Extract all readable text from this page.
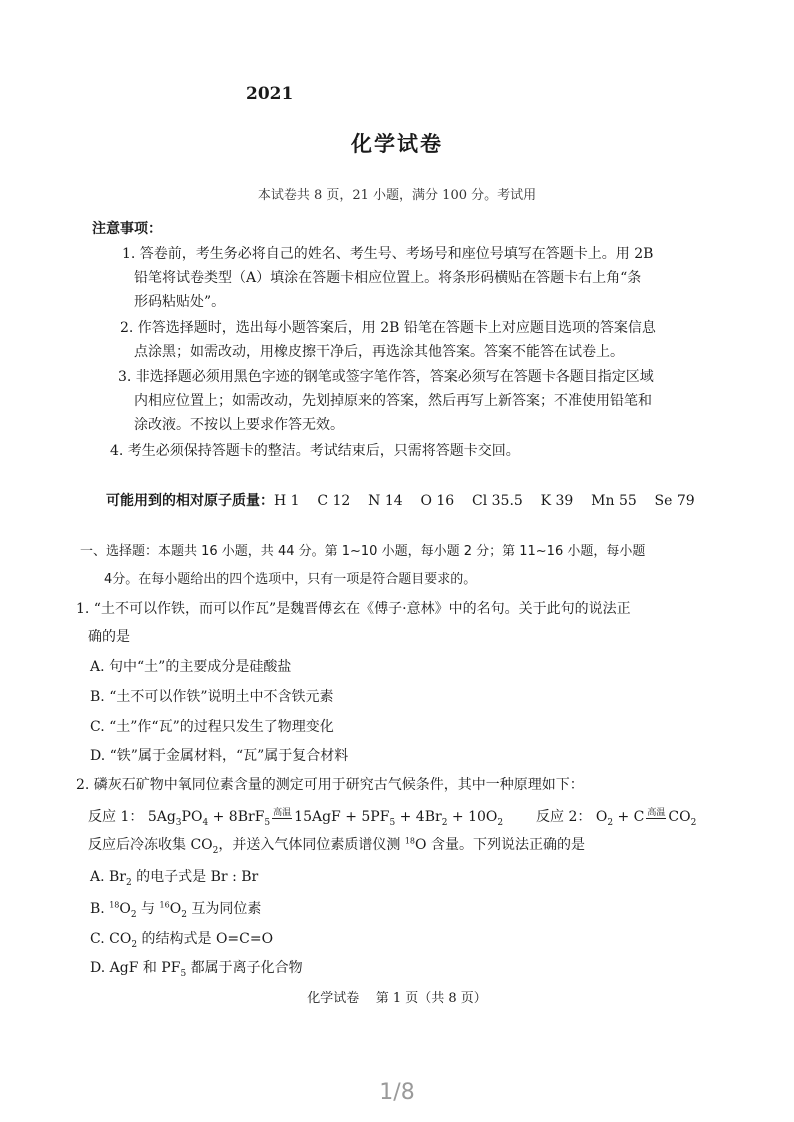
2021
化学试卷
本试卷共 8 页，21 小题，满分 100 分。考试用
注意事项：
1. 答卷前，考生务必将自己的姓名、考生号、考场号和座位号填写在答题卡上。用 2B
铅笔将试卷类型（A）填涂在答题卡相应位置上。将条形码横贴在答题卡右上角“条
形码粘贴处”。
2. 作答选择题时，选出每小题答案后，用 2B 铅笔在答题卡上对应题目选项的答案信息
点涂黑；如需改动，用橡皮擦干净后，再选涂其他答案。答案不能答在试卷上。
3. 非选择题必须用黑色字迹的钢笔或签字笔作答，答案必须写在答题卡各题目指定区域
内相应位置上；如需改动，先划掉原来的答案，然后再写上新答案；不准使用铅笔和
涂改液。不按以上要求作答无效。
4. 考生必须保持答题卡的整洁。考试结束后，只需将答题卡交回。
可能用到的相对原子质量：H 1    C 12    N 14    O 16    Cl 35.5    K 39    Mn 55    Se 79
一、选择题：本题共 16 小题，共 44 分。第 1~10 小题，每小题 2 分；第 11~16 小题，每小题
4分。在每小题给出的四个选项中，只有一项是符合题目要求的。
1. “土不可以作铁，而可以作瓦”是魏晋傅玄在《傅子·意林》中的名句。关于此句的说法正
确的是
A. 句中“土”的主要成分是硅酸盐
B. “土不可以作铁”说明土中不含铁元素
C. “土”作“瓦”的过程只发生了物理变化
D. “铁”属于金属材料，“瓦”属于复合材料
2. 磷灰石矿物中氧同位素含量的测定可用于研究古气候条件，其中一种原理如下：
反应 1： $5Ag_3PO_4 + 8BrF_5$高温 $15AgF + 5PF_5 + 4Br_2 + 10O_2$ 反应 2： $O_2 + C$ 高温 $CO_2$
反应后冷冻收集 $CO_2$，并送入气体同位素质谱仪测 $^{18}$O 含量。下列说法正确的是
A. $Br_2$ 的电子式是 Br : Br
B. $^{18}O_2$ 与 $^{16}O_2$ 互为同位素
C. $CO_2$ 的结构式是 O=C=O
D. AgF 和 $PF_5$ 都属于离子化合物
化学试卷    第 1 页（共 8 页）
1/8
